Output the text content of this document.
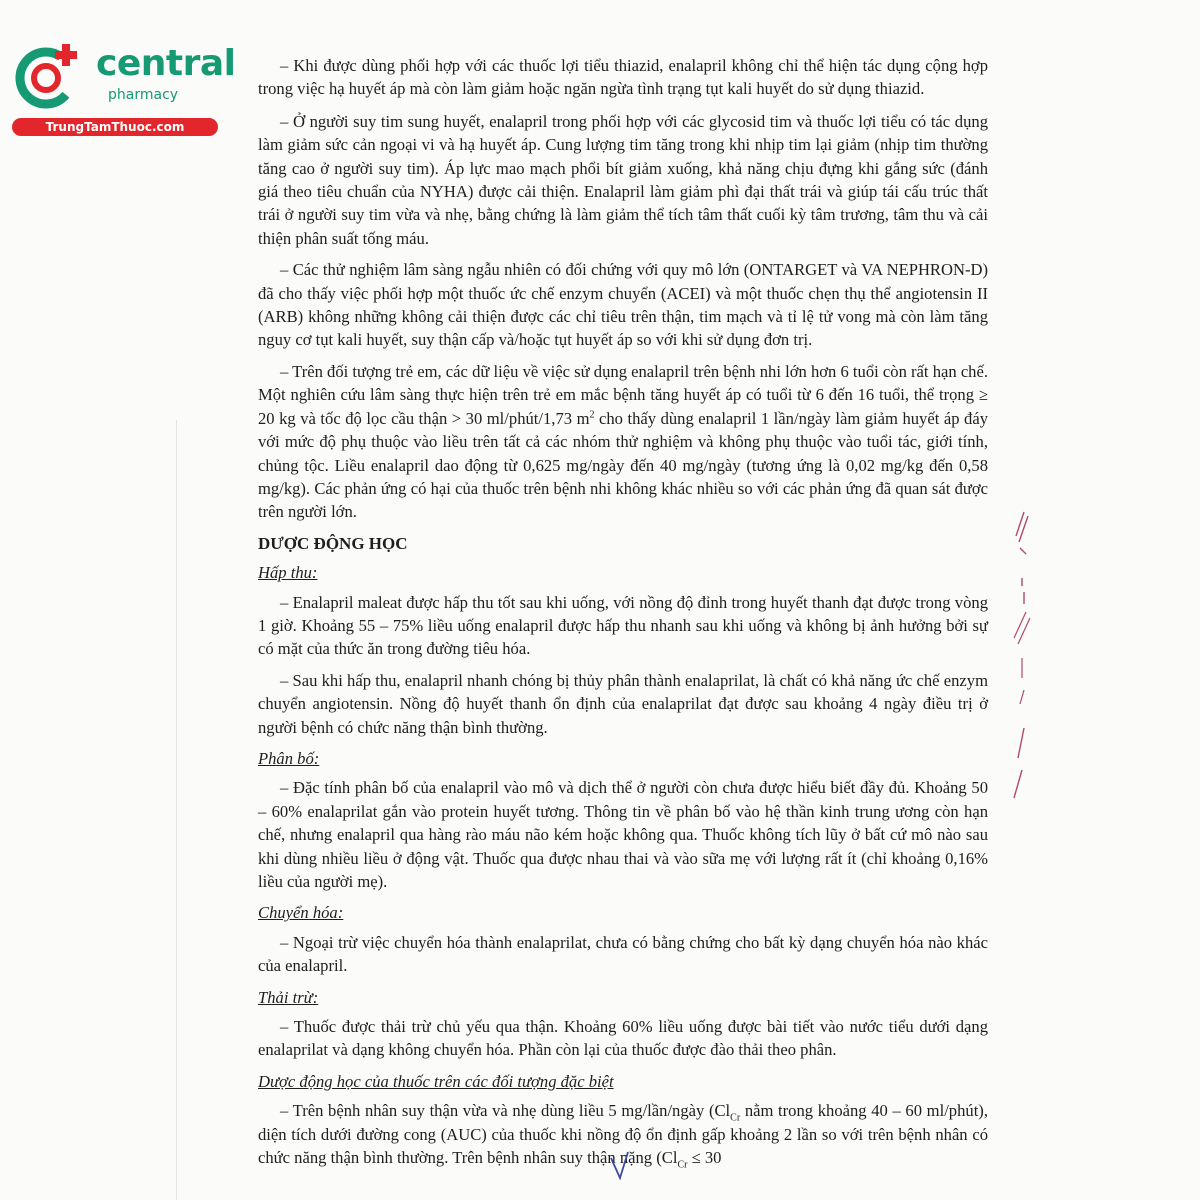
central
pharmacy
TrungTamThuoc.com

– Khi được dùng phối hợp với các thuốc lợi tiểu thiazid, enalapril không chỉ thể hiện tác dụng cộng hợp trong việc hạ huyết áp mà còn làm giảm hoặc ngăn ngừa tình trạng tụt kali huyết do sử dụng thiazid.

– Ở người suy tim sung huyết, enalapril trong phối hợp với các glycosid tim và thuốc lợi tiểu có tác dụng làm giảm sức cản ngoại vi và hạ huyết áp. Cung lượng tim tăng trong khi nhịp tim lại giảm (nhịp tim thường tăng cao ở người suy tim). Áp lực mao mạch phổi bít giảm xuống, khả năng chịu đựng khi gắng sức (đánh giá theo tiêu chuẩn của NYHA) được cải thiện. Enalapril làm giảm phì đại thất trái và giúp tái cấu trúc thất trái ở người suy tim vừa và nhẹ, bằng chứng là làm giảm thể tích tâm thất cuối kỳ tâm trương, tâm thu và cải thiện phân suất tống máu.

– Các thử nghiệm lâm sàng ngẫu nhiên có đối chứng với quy mô lớn (ONTARGET và VA NEPHRON-D) đã cho thấy việc phối hợp một thuốc ức chế enzym chuyển (ACEI) và một thuốc chẹn thụ thể angiotensin II (ARB) không những không cải thiện được các chỉ tiêu trên thận, tim mạch và tỉ lệ tử vong mà còn làm tăng nguy cơ tụt kali huyết, suy thận cấp và/hoặc tụt huyết áp so với khi sử dụng đơn trị.

– Trên đối tượng trẻ em, các dữ liệu về việc sử dụng enalapril trên bệnh nhi lớn hơn 6 tuổi còn rất hạn chế. Một nghiên cứu lâm sàng thực hiện trên trẻ em mắc bệnh tăng huyết áp có tuổi từ 6 đến 16 tuổi, thể trọng ≥ 20 kg và tốc độ lọc cầu thận > 30 ml/phút/1,73 $m^2$ cho thấy dùng enalapril 1 lần/ngày làm giảm huyết áp đáy với mức độ phụ thuộc vào liều trên tất cả các nhóm thử nghiệm và không phụ thuộc vào tuổi tác, giới tính, chủng tộc. Liều enalapril dao động từ 0,625 mg/ngày đến 40 mg/ngày (tương ứng là 0,02 mg/kg đến 0,58 mg/kg). Các phản ứng có hại của thuốc trên bệnh nhi không khác nhiều so với các phản ứng đã quan sát được trên người lớn.

DƯỢC ĐỘNG HỌC
Hấp thu:

– Enalapril maleat được hấp thu tốt sau khi uống, với nồng độ đỉnh trong huyết thanh đạt được trong vòng 1 giờ. Khoảng 55 – 75% liều uống enalapril được hấp thu nhanh sau khi uống và không bị ảnh hưởng bởi sự có mặt của thức ăn trong đường tiêu hóa.

– Sau khi hấp thu, enalapril nhanh chóng bị thủy phân thành enalaprilat, là chất có khả năng ức chế enzym chuyển angiotensin. Nồng độ huyết thanh ổn định của enalaprilat đạt được sau khoảng 4 ngày điều trị ở người bệnh có chức năng thận bình thường.

Phân bố:

– Đặc tính phân bố của enalapril vào mô và dịch thể ở người còn chưa được hiểu biết đầy đủ. Khoảng 50 – 60% enalaprilat gắn vào protein huyết tương. Thông tin về phân bố vào hệ thần kinh trung ương còn hạn chế, nhưng enalapril qua hàng rào máu não kém hoặc không qua. Thuốc không tích lũy ở bất cứ mô nào sau khi dùng nhiều liều ở động vật. Thuốc qua được nhau thai và vào sữa mẹ với lượng rất ít (chỉ khoảng 0,16% liều của người mẹ).

Chuyển hóa:

– Ngoại trừ việc chuyển hóa thành enalaprilat, chưa có bằng chứng cho bất kỳ dạng chuyển hóa nào khác của enalapril.

Thải trừ:

– Thuốc được thải trừ chủ yếu qua thận. Khoảng 60% liều uống được bài tiết vào nước tiểu dưới dạng enalaprilat và dạng không chuyển hóa. Phần còn lại của thuốc được đào thải theo phân.

Dược động học của thuốc trên các đối tượng đặc biệt

– Trên bệnh nhân suy thận vừa và nhẹ dùng liều 5 mg/lần/ngày ($Cl_{Cr}$ nằm trong khoảng 40 – 60 ml/phút), diện tích dưới đường cong (AUC) của thuốc khi nồng độ ổn định gấp khoảng 2 lần so với trên bệnh nhân có chức năng thận bình thường. Trên bệnh nhân suy thận nặng ($Cl_{Cr} \le 30$
